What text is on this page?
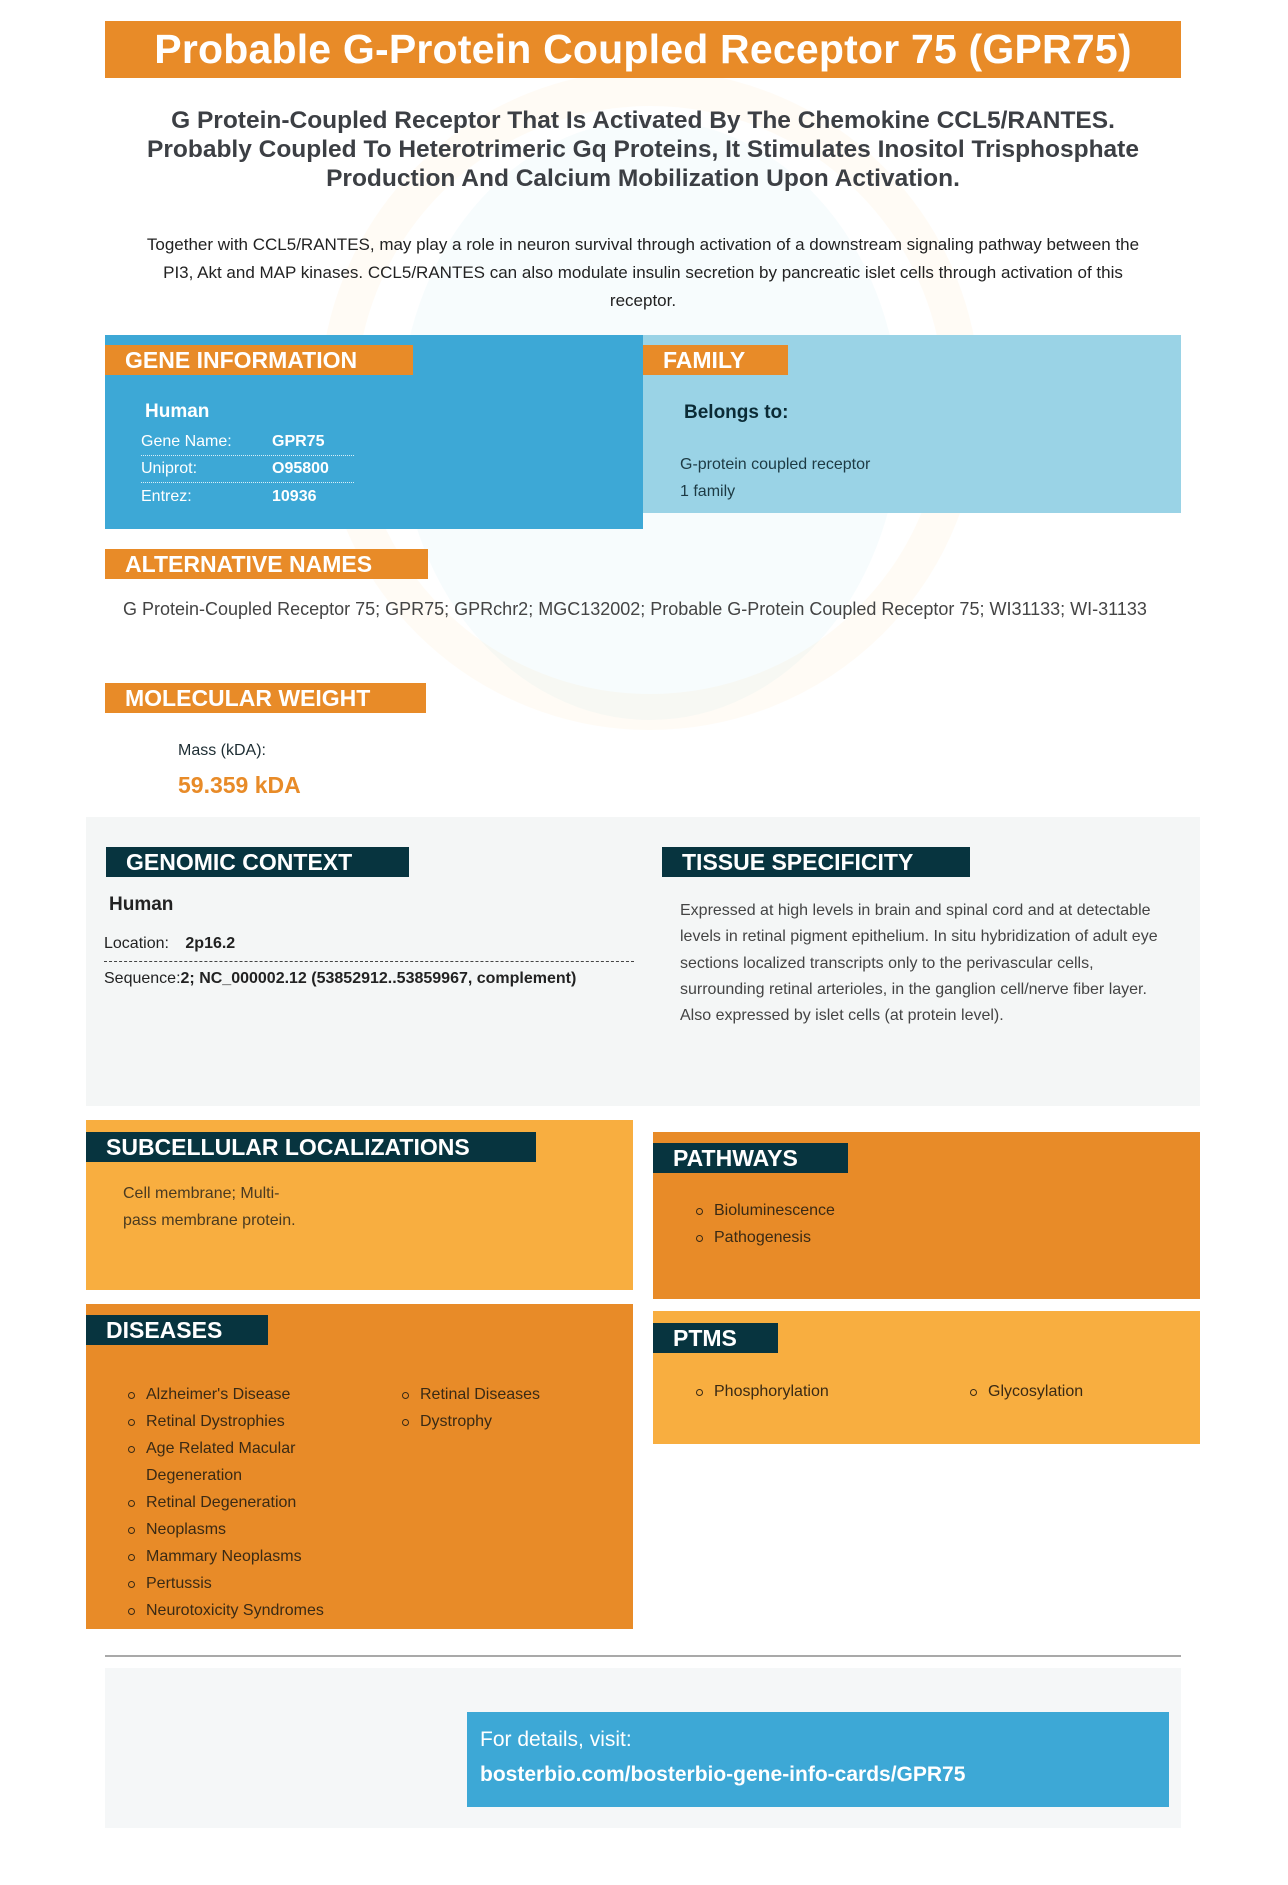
Probable G-Protein Coupled Receptor 75 (GPR75)
G Protein-Coupled Receptor That Is Activated By The Chemokine CCL5/RANTES. Probably Coupled To Heterotrimeric Gq Proteins, It Stimulates Inositol Trisphosphate Production And Calcium Mobilization Upon Activation.
Together with CCL5/RANTES, may play a role in neuron survival through activation of a downstream signaling pathway between the PI3, Akt and MAP kinases. CCL5/RANTES can also modulate insulin secretion by pancreatic islet cells through activation of this receptor.
GENE INFORMATION
Human
Gene Name:	GPR75
Uniprot:	O95800
Entrez:	10936
FAMILY
Belongs to:
G-protein coupled receptor
1 family
ALTERNATIVE NAMES
G Protein-Coupled Receptor 75; GPR75; GPRchr2; MGC132002; Probable G-Protein Coupled Receptor 75; WI31133; WI-31133
MOLECULAR WEIGHT
Mass (kDA):
59.359 kDA
GENOMIC CONTEXT
Human
Location: 2p16.2
Sequence:2; NC_000002.12 (53852912..53859967, complement)
TISSUE SPECIFICITY
Expressed at high levels in brain and spinal cord and at detectable levels in retinal pigment epithelium. In situ hybridization of adult eye sections localized transcripts only to the perivascular cells, surrounding retinal arterioles, in the ganglion cell/nerve fiber layer. Also expressed by islet cells (at protein level).
SUBCELLULAR LOCALIZATIONS
Cell membrane; Multi-
pass membrane protein.
PATHWAYS
Bioluminescence
Pathogenesis
DISEASES
Alzheimer's Disease
Retinal Dystrophies
Age Related Macular Degeneration
Retinal Degeneration
Neoplasms
Mammary Neoplasms
Pertussis
Neurotoxicity Syndromes
Retinal Diseases
Dystrophy
PTMS
Phosphorylation	Glycosylation
For details, visit:
bosterbio.com/bosterbio-gene-info-cards/GPR75
